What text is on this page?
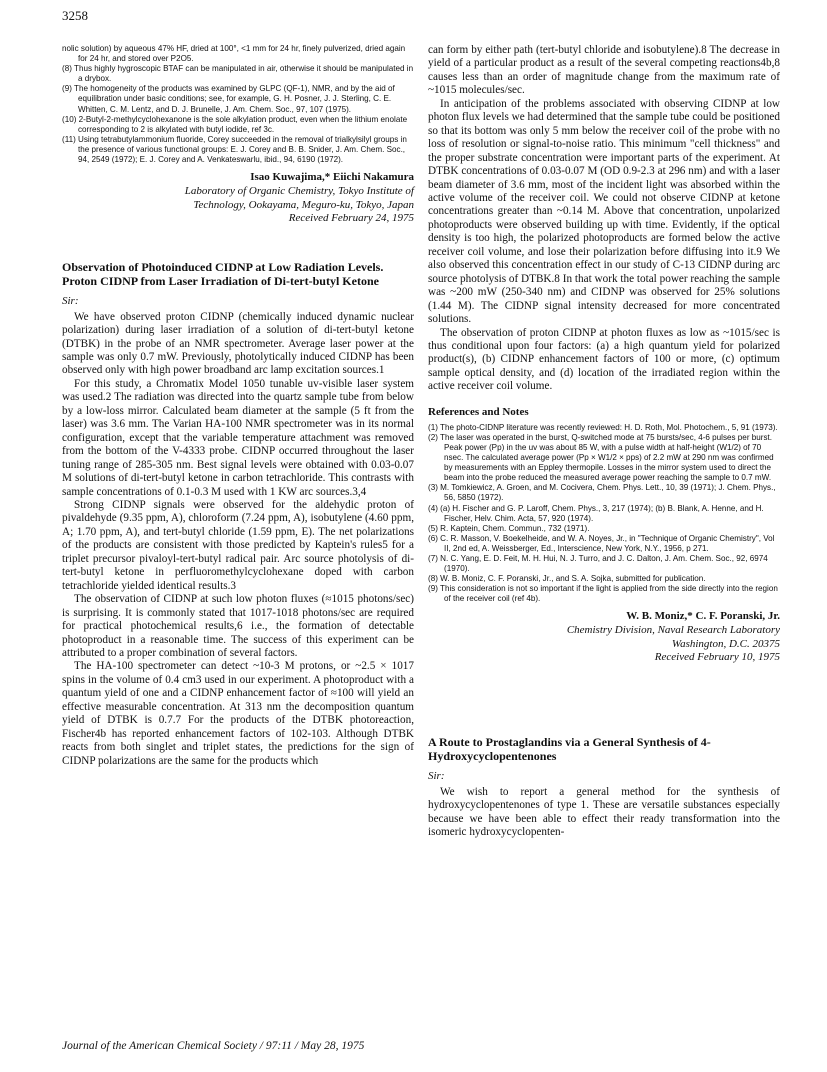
3258
nolic solution) by aqueous 47% HF, dried at 100°, <1 mm for 24 hr, finely pulverized, dried again for 24 hr, and stored over P2O5.
(8) Thus highly hygroscopic BTAF can be manipulated in air, otherwise it should be manipulated in a drybox.
(9) The homogeneity of the products was examined by GLPC (QF-1), NMR, and by the aid of equilibration under basic conditions; see, for example, G. H. Posner, J. J. Sterling, C. E. Whitten, C. M. Lentz, and D. J. Brunelle, J. Am. Chem. Soc., 97, 107 (1975).
(10) 2-Butyl-2-methylcyclohexanone is the sole alkylation product, even when the lithium enolate corresponding to 2 is alkylated with butyl iodide, ref 3c.
(11) Using tetrabutylammonium fluoride, Corey succeeded in the removal of trialkylsilyl groups in the presence of various functional groups: E. J. Corey and B. B. Snider, J. Am. Chem. Soc., 94, 2549 (1972); E. J. Corey and A. Venkateswarlu, ibid., 94, 6190 (1972).
Isao Kuwajima,* Eiichi Nakamura
Laboratory of Organic Chemistry, Tokyo Institute of
Technology, Ookayama, Meguro-ku, Tokyo, Japan
Received February 24, 1975
Observation of Photoinduced CIDNP at Low Radiation Levels. Proton CIDNP from Laser Irradiation of Di-tert-butyl Ketone
Sir:

We have observed proton CIDNP (chemically induced dynamic nuclear polarization) during laser irradiation of a solution of di-tert-butyl ketone (DTBK) in the probe of an NMR spectrometer. Average laser power at the sample was only 0.7 mW. Previously, photolytically induced CIDNP has been observed only with high power broadband arc lamp excitation sources.1

For this study, a Chromatix Model 1050 tunable uv-visible laser system was used.2 The radiation was directed into the quartz sample tube from below by a low-loss mirror. Calculated beam diameter at the sample (5 ft from the laser) was 3.6 mm. The Varian HA-100 NMR spectrometer was in its normal configuration, except that the variable temperature attachment was removed from the bottom of the V-4333 probe. CIDNP occurred throughout the laser tuning range of 285-305 nm. Best signal levels were obtained with 0.03-0.07 M solutions of di-tert-butyl ketone in carbon tetrachloride. This contrasts with sample concentrations of 0.1-0.3 M used with 1 KW arc sources.3,4

Strong CIDNP signals were observed for the aldehydic proton of pivaldehyde (9.35 ppm, A), chloroform (7.24 ppm, A), isobutylene (4.60 ppm, A; 1.70 ppm, A), and tert-butyl chloride (1.59 ppm, E). The net polarizations of the products are consistent with those predicted by Kaptein's rules5 for a triplet precursor pivaloyl-tert-butyl radical pair. Arc source photolysis of di-tert-butyl ketone in perfluoromethylcyclohexane doped with carbon tetrachloride yielded identical results.3

The observation of CIDNP at such low photon fluxes (≈1015 photons/sec) is surprising. It is commonly stated that 1017-1018 photons/sec are required for practical photochemical results,6 i.e., the formation of detectable photoproduct in a reasonable time. The success of this experiment can be attributed to a proper combination of several factors.

The HA-100 spectrometer can detect ~10-3 M protons, or ~2.5 × 1017 spins in the volume of 0.4 cm3 used in our experiment. A photoproduct with a quantum yield of one and a CIDNP enhancement factor of ≈100 will yield an effective measurable concentration. At 313 nm the decomposition quantum yield of DTBK is 0.7.7 For the products of the DTBK photoreaction, Fischer4b has reported enhancement factors of 102-103. Although DTBK reacts from both singlet and triplet states, the predictions for the sign of CIDNP polarizations are the same for the products which

can form by either path (tert-butyl chloride and isobutylene).8 The decrease in yield of a particular product as a result of the several competing reactions4b,8 causes less than an order of magnitude change from the maximum rate of ~1015 molecules/sec.

In anticipation of the problems associated with observing CIDNP at low photon flux levels we had determined that the sample tube could be positioned so that its bottom was only 5 mm below the receiver coil of the probe with no loss of resolution or signal-to-noise ratio. This minimum "cell thickness" and the proper substrate concentration were important parts of the experiment. At DTBK concentrations of 0.03-0.07 M (OD 0.9-2.3 at 296 nm) and with a laser beam diameter of 3.6 mm, most of the incident light was absorbed within the active volume of the receiver coil. We could not observe CIDNP at ketone concentrations greater than ~0.14 M. Above that concentration, unpolarized photoproducts were observed building up with time. Evidently, if the optical density is too high, the polarized photoproducts are formed below the active receiver coil volume, and lose their polarization before diffusing into it.9 We also observed this concentration effect in our study of C-13 CIDNP during arc source photolysis of DTBK.8 In that work the total power reaching the sample was ~200 mW (250-340 nm) and CIDNP was observed for 25% solutions (1.44 M). The CIDNP signal intensity decreased for more concentrated solutions.

The observation of proton CIDNP at photon fluxes as low as ~1015/sec is thus conditional upon four factors: (a) a high quantum yield for polarized product(s), (b) CIDNP enhancement factors of 100 or more, (c) optimum sample optical density, and (d) location of the irradiated region within the active receiver coil volume.

References and Notes
(1) The photo-CIDNP literature was recently reviewed: H. D. Roth, Mol. Photochem., 5, 91 (1973).
(2) The laser was operated in the burst, Q-switched mode at 75 bursts/sec, 4-6 pulses per burst. Peak power (Pp) in the uv was about 85 W, with a pulse width at half-height (W1/2) of 70 nsec. The calculated average power (Pp × W1/2 × pps) of 2.2 mW at 290 nm was confirmed by measurements with an Eppley thermopile. Losses in the mirror system used to direct the beam into the probe reduced the measured average power reaching the sample to 0.7 mW.
(3) M. Tomkiewicz, A. Groen, and M. Cocivera, Chem. Phys. Lett., 10, 39 (1971); J. Chem. Phys., 56, 5850 (1972).
(4) (a) H. Fischer and G. P. Laroff, Chem. Phys., 3, 217 (1974); (b) B. Blank, A. Henne, and H. Fischer, Helv. Chim. Acta, 57, 920 (1974).
(5) R. Kaptein, Chem. Commun., 732 (1971).
(6) C. R. Masson, V. Boekelheide, and W. A. Noyes, Jr., in "Technique of Organic Chemistry", Vol II, 2nd ed, A. Weissberger, Ed., Interscience, New York, N.Y., 1956, p 271.
(7) N. C. Yang, E. D. Feit, M. H. Hui, N. J. Turro, and J. C. Dalton, J. Am. Chem. Soc., 92, 6974 (1970).
(8) W. B. Moniz, C. F. Poranski, Jr., and S. A. Sojka, submitted for publication.
(9) This consideration is not so important if the light is applied from the side directly into the region of the receiver coil (ref 4b).
W. B. Moniz,* C. F. Poranski, Jr.
Chemistry Division, Naval Research Laboratory
Washington, D.C. 20375
Received February 10, 1975
A Route to Prostaglandins via a General Synthesis of 4-Hydroxycyclopentenones
Sir:

We wish to report a general method for the synthesis of hydroxycyclopentenones of type 1. These are versatile substances especially because we have been able to effect their ready transformation into the isomeric hydroxycyclopenten-

Journal of the American Chemical Society / 97:11 / May 28, 1975
